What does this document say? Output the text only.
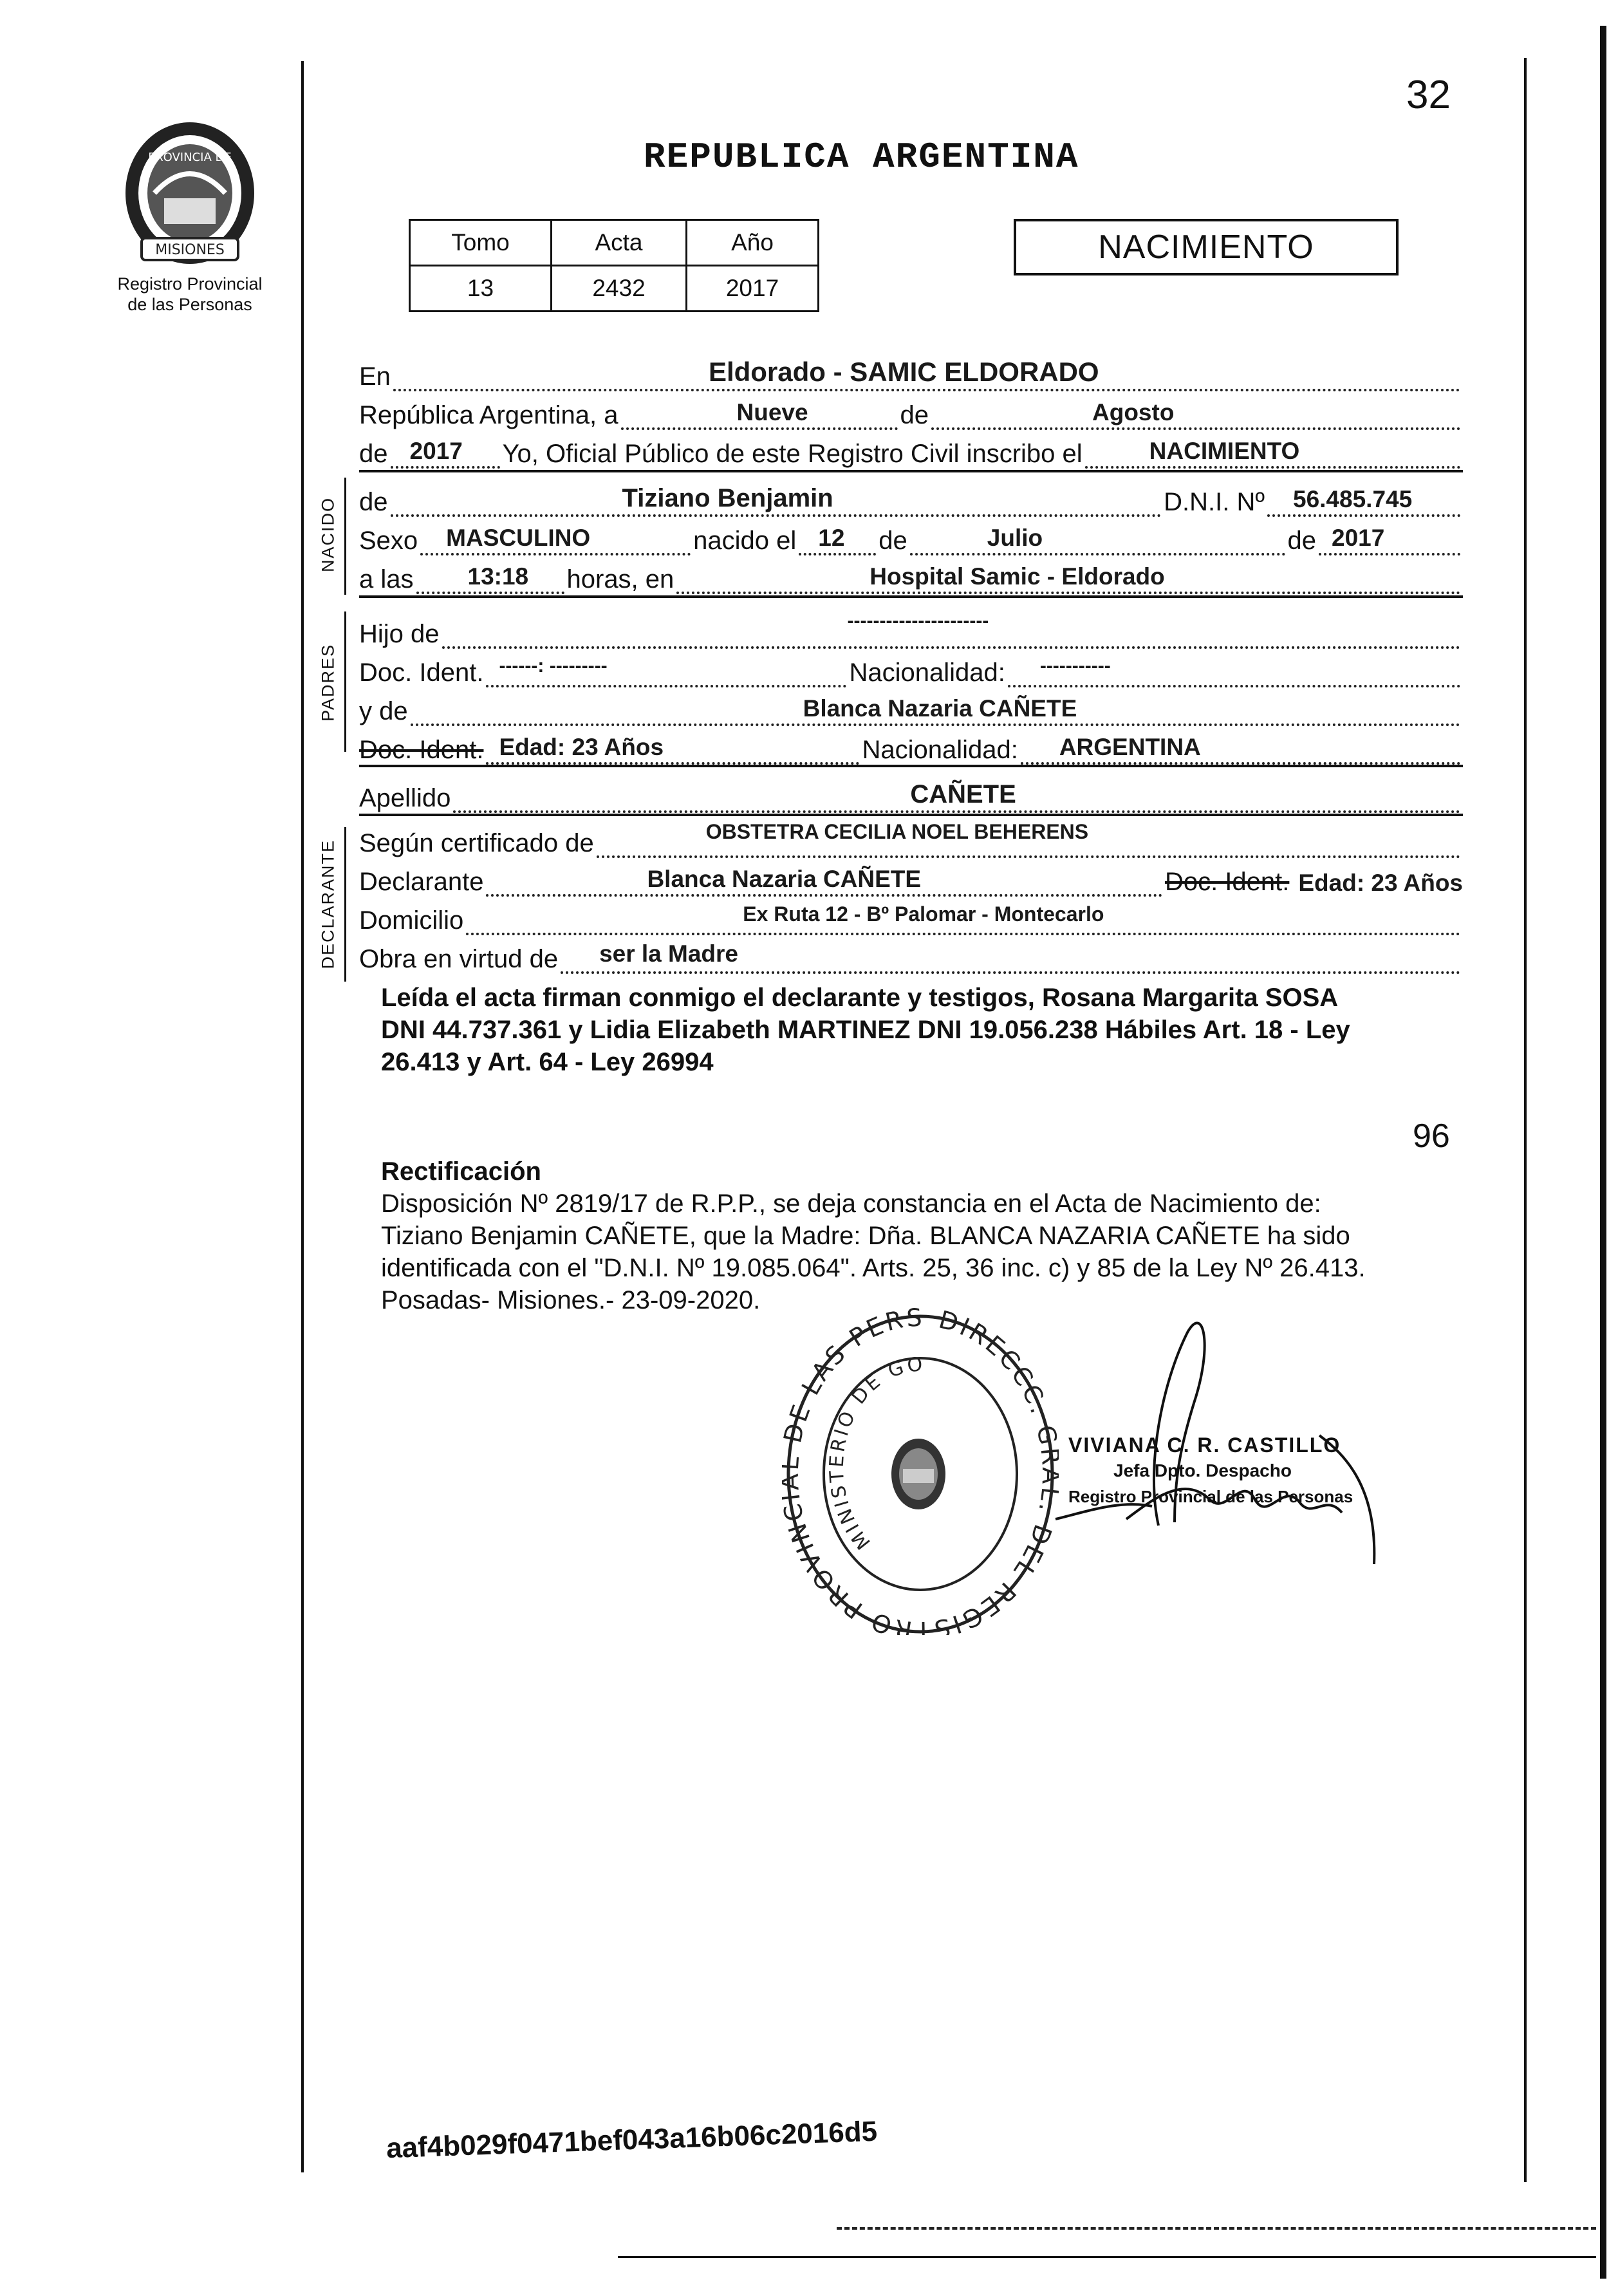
32
PROVINCIA DE
MISIONES
Registro Provincial
de las Personas
REPUBLICA ARGENTINA
Tomo	Acta	Año
13	2432	2017
NACIMIENTO
En	Eldorado - SAMIC ELDORADO
República Argentina, a	Nueve	de	Agosto
de 2017 Yo, Oficial Público de este Registro Civil inscribo el	NACIMIENTO
NACIDO de	Tiziano Benjamin	D.N.I. Nº 56.485.745
Sexo MASCULINO	nacido el 12 de	Julio	de 2017
a las 13:18 horas, en	Hospital Samic - Eldorado
PADRES
Hijo de	----------------------
Doc. Ident. ------: ---------	Nacionalidad: -----------
y de	Blanca Nazaria CAÑETE
Doc. Ident. Edad: 23 Años	Nacionalidad: ARGENTINA
Apellido	CAÑETE
DECLARANTE Según certificado de	OBSTETRA CECILIA NOEL BEHERENS
Declarante	Blanca Nazaria CAÑETE	Doc. Ident. Edad: 23 Años
Domicilio	Ex Ruta 12 - Bº Palomar - Montecarlo
Obra en virtud de ser la Madre
Leída el acta firman conmigo el declarante y testigos, Rosana Margarita SOSA
DNI 44.737.361 y Lidia Elizabeth MARTINEZ DNI 19.056.238 Hábiles Art. 18 - Ley
26.413 y Art. 64 - Ley 26994
96
Rectificación
Disposición Nº 2819/17 de R.P.P., se deja constancia en el Acta de Nacimiento de:
Tiziano Benjamin CAÑETE, que la Madre: Dña. BLANCA NAZARIA CAÑETE ha sido
identificada con el "D.N.I. Nº 19.085.064". Arts. 25, 36 inc. c) y 85 de la Ley Nº 26.413.
Posadas- Misiones.- 23-09-2020.
DIRECCC. DEL REGISTRO PROVIN E LAS PERS
MINISTERIO DE GO
VIVIANA C. R. CASTILLO
Jefa Dpto. Despacho
Registro Provincial de las Personas
aaf4b029f0471bef043a16b06c2016d5
